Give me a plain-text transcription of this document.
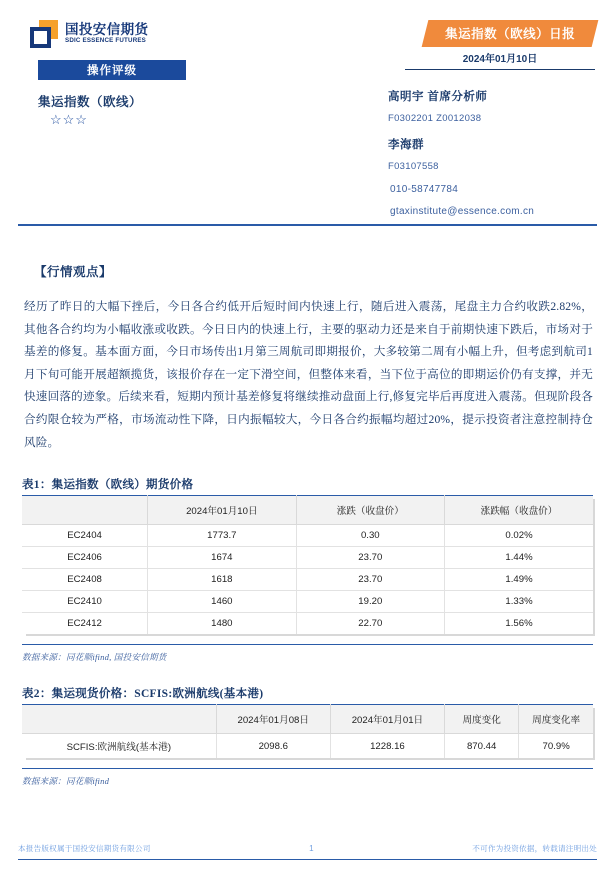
国投安信期货
SDIC ESSENCE FUTURES
操作评级
集运指数（欧线）
☆☆☆
集运指数（欧线）日报
2024年01月10日
高明宇 首席分析师
F0302201 Z0012038
李海群
F03107558
010-58747784
gtaxinstitute@essence.com.cn
【行情观点】
经历了昨日的大幅下挫后，今日各合约低开后短时间内快速上行，随后进入震荡，尾盘主力合约收跌2.82%，其他各合约均为小幅收涨或收跌。今日日内的快速上行，主要的驱动力还是来自于前期快速下跌后，市场对于基差的修复。基本面方面，今日市场传出1月第三周航司即期报价，大多较第二周有小幅上升，但考虑到航司1月下旬可能开展超额揽货，该报价存在一定下滑空间，但整体来看，当下位于高位的即期运价仍有支撑，并无快速回落的迹象。后续来看，短期内预计基差修复将继续推动盘面上行,修复完毕后再度进入震荡。但现阶段各合约限仓较为严格，市场流动性下降，日内振幅较大，今日各合约振幅均超过20%，提示投资者注意控制持仓风险。
表1：集运指数（欧线）期货价格
	2024年01月10日	涨跌（收盘价）	涨跌幅（收盘价）
EC2404	1773.7	0.30	0.02%
EC2406	1674	23.70	1.44%
EC2408	1618	23.70	1.49%
EC2410	1460	19.20	1.33%
EC2412	1480	22.70	1.56%
数据来源：同花顺ifind, 国投安信期货
表2：集运现货价格：SCFIS:欧洲航线(基本港)
	2024年01月08日	2024年01月01日	周度变化	周度变化率
SCFIS:欧洲航线(基本港)	2098.6	1228.16	870.44	70.9%
数据来源：同花顺ifind
本报告版权属于国投安信期货有限公司	1	不可作为投资依据，转载请注明出处
